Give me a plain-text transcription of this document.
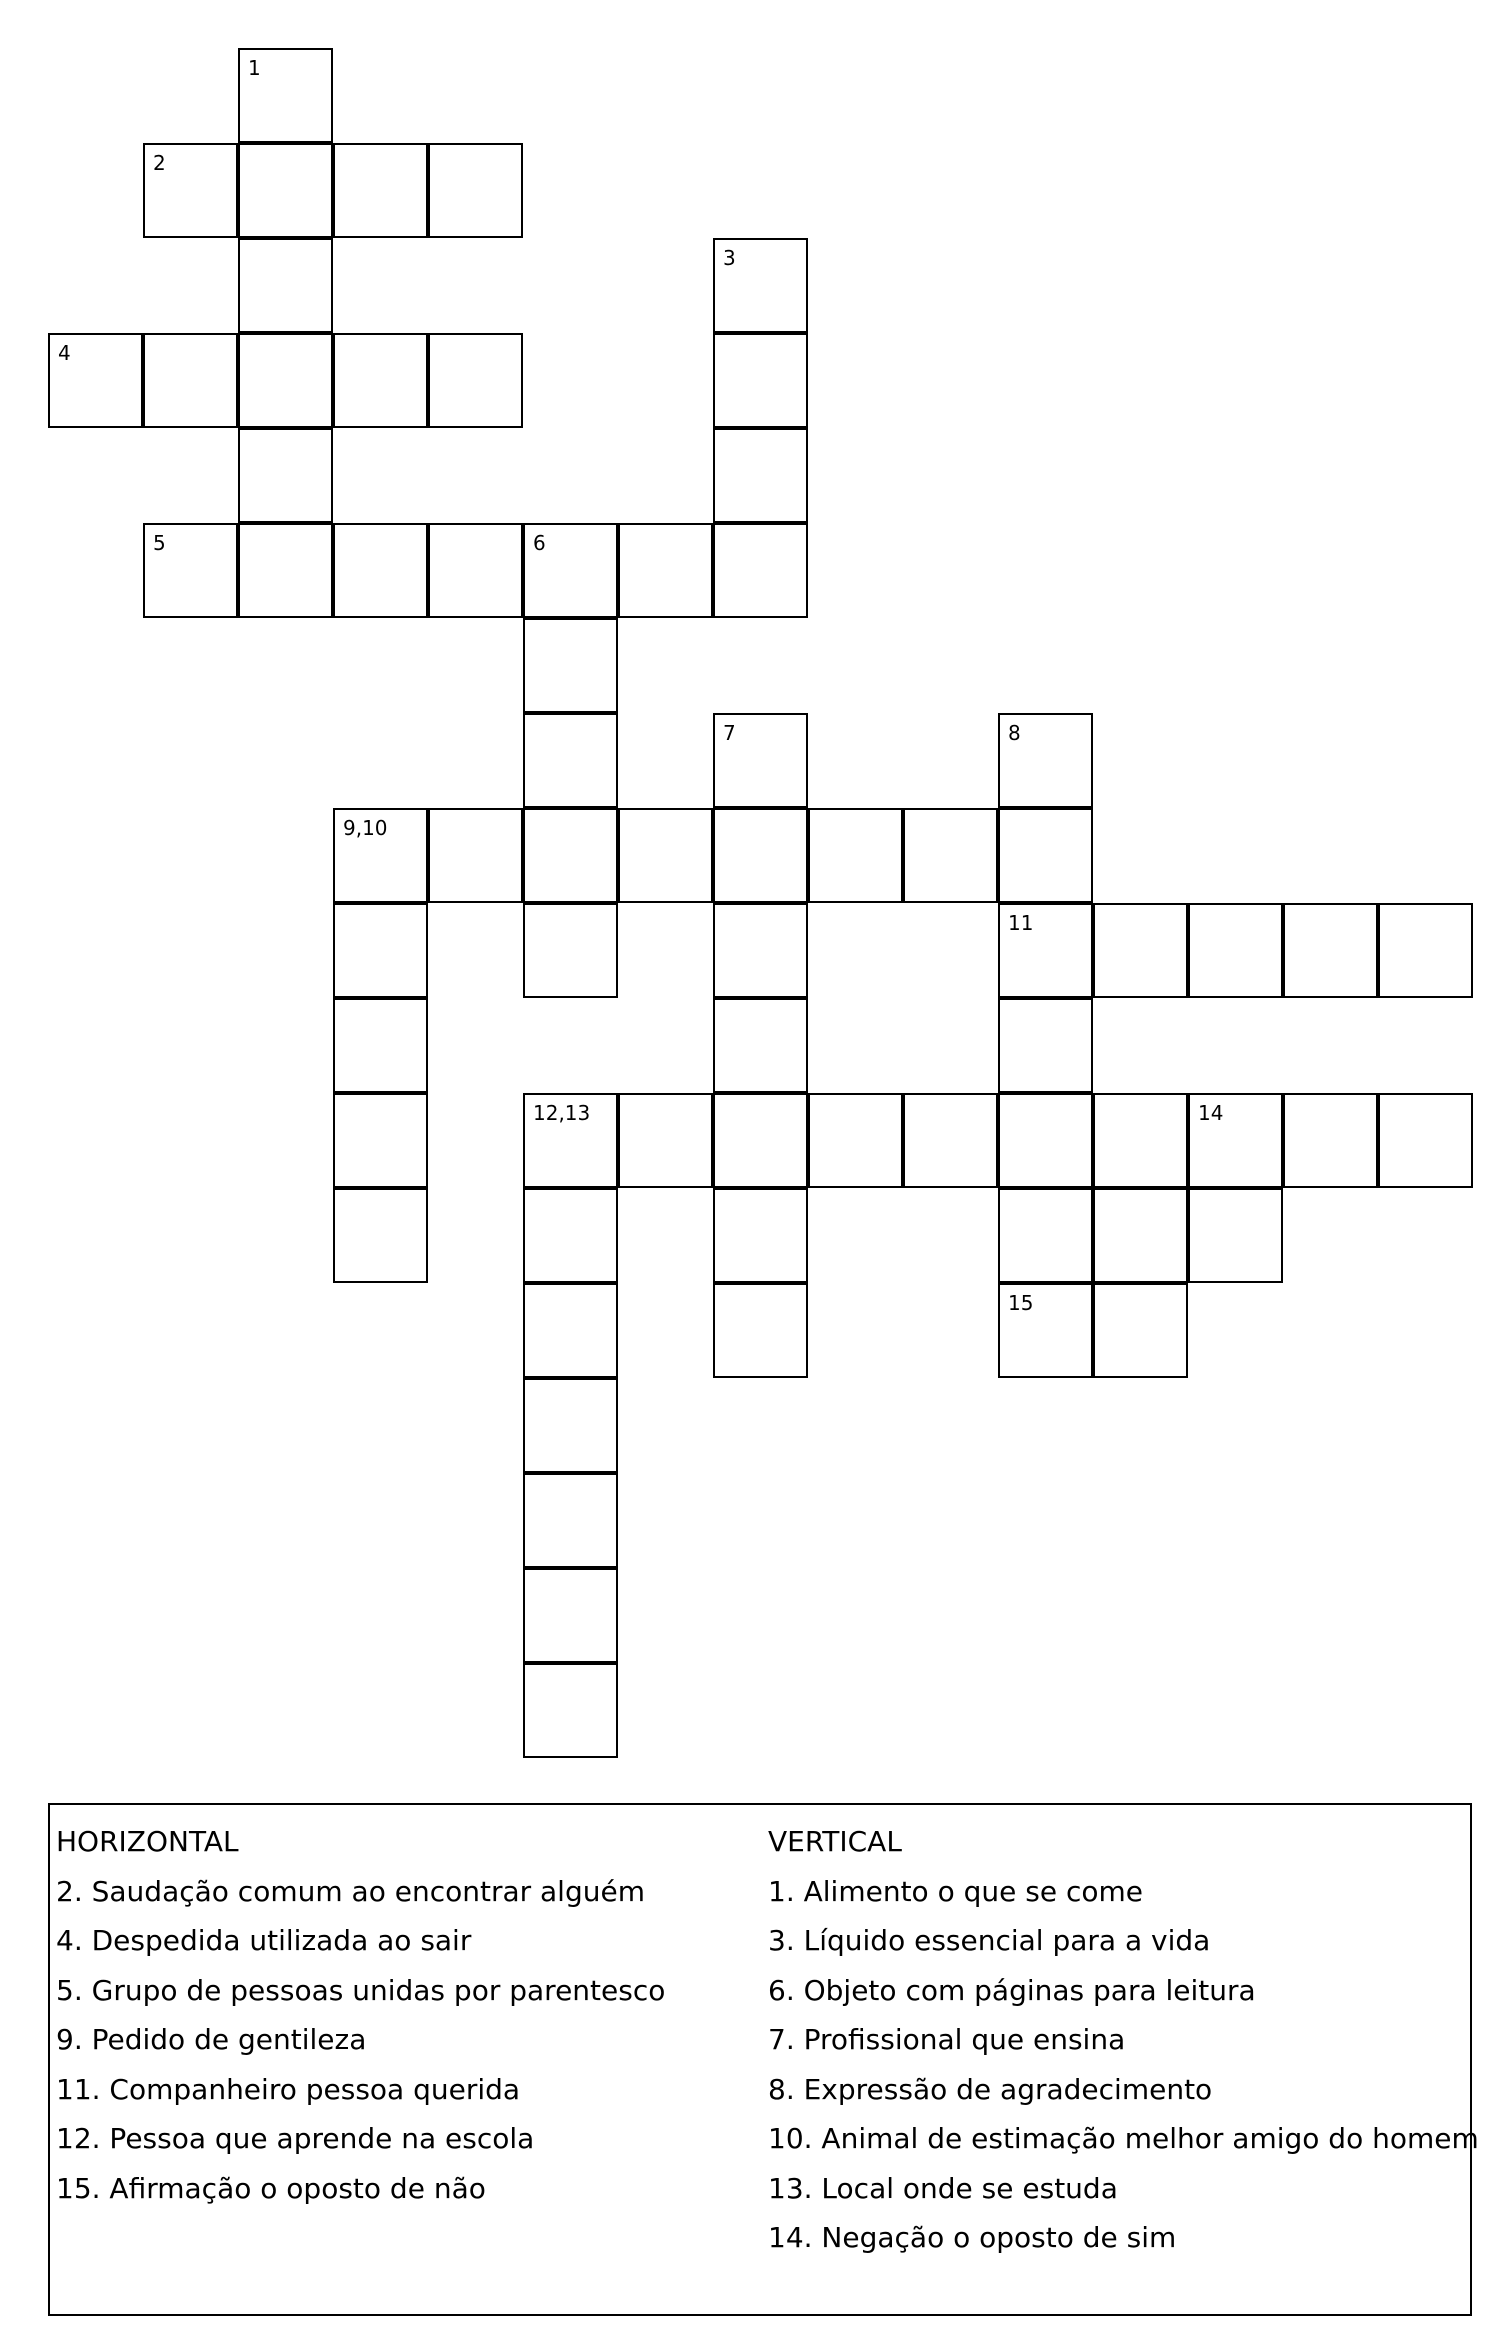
1
2
3
4
5	6
7	8
9,10
11
12,13	14
15
HORIZONTAL
2. Saudação comum ao encontrar alguém
4. Despedida utilizada ao sair
5. Grupo de pessoas unidas por parentesco
9. Pedido de gentileza
11. Companheiro pessoa querida
12. Pessoa que aprende na escola
15. Afirmação o oposto de não
VERTICAL
1. Alimento o que se come
3. Líquido essencial para a vida
6. Objeto com páginas para leitura
7. Profissional que ensina
8. Expressão de agradecimento
10. Animal de estimação melhor amigo do homem
13. Local onde se estuda
14. Negação o oposto de sim
